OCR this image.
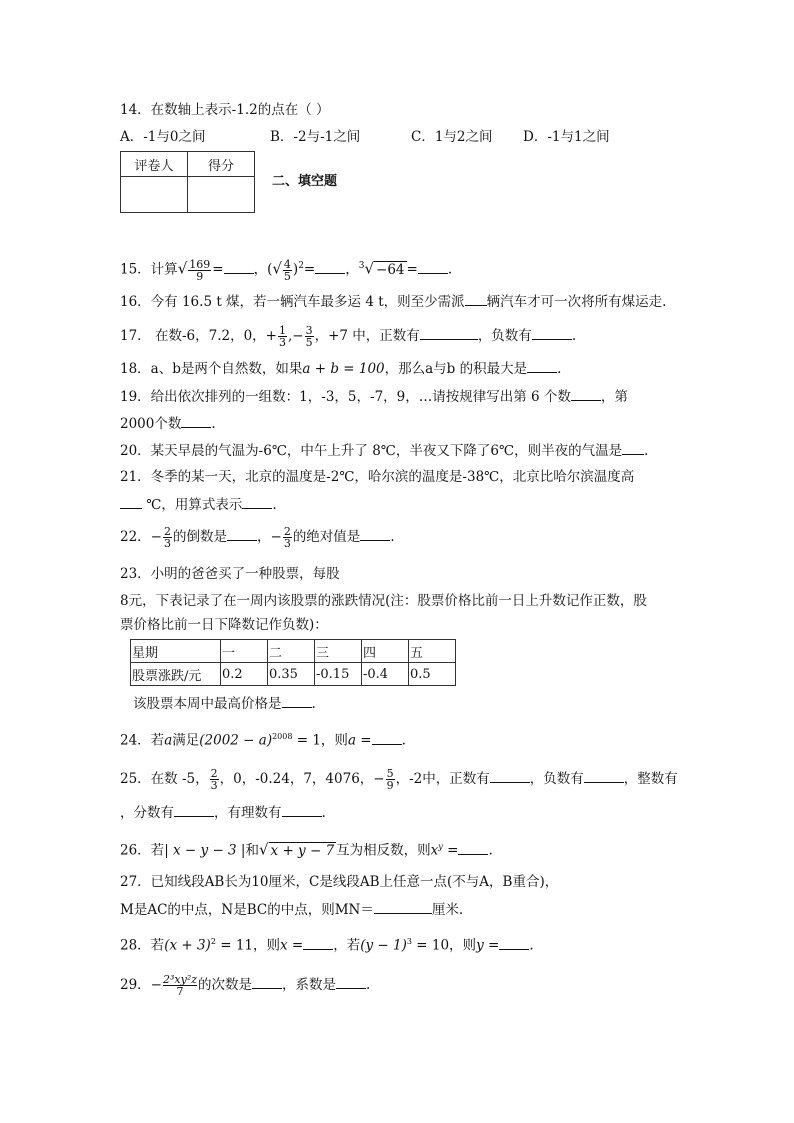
14．在数轴上表示-1.2的点在（ ）
A．-1与0之间	B．-2与-1之间	C．1与2之间 D．-1与1之间
评卷人	得分

二、填空题
15．计算√ $\frac{169}{9}$ = ，(√ $\frac{4}{5} )^2=$ ，$^3$√ −64 = .
16．今有 16.5 t 煤，若一辆汽车最多运 4 t，则至少需派 辆汽车才可一次将所有煤运走.
17． 在数-6，7.2，0，+ $\frac{1}{3}$ ,− $\frac{3}{5}$ ，+7 中，正数有	，负数有	.
18．a、b是两个自然数，如果a + b = 100，那么a与b 的积最大是 .
19．给出依次排列的一组数：1，-3，5，-7，9，…请按规律写出第 6 个数 ，第
2000个数 .
20．某天早晨的气温为-6℃，中午上升了 8℃，半夜又下降了6℃，则半夜的气温是 .
21．冬季的某一天，北京的温度是-2℃，哈尔滨的温度是-38℃，北京比哈尔滨温度高
℃，用算式表示 .
22．− $\frac{2}{3}$ 的倒数是 ，− $\frac{2}{3}$ 的绝对值是 .
23．小明的爸爸买了一种股票，每股
8元，下表记录了在一周内该股票的涨跌情况(注：股票价格比前一日上升数记作正数，股
票价格比前一日下降数记作负数)：
星期	一	二	三	四	五
股票涨跌/元	0.2	0.35	-0.15	-0.4	0.5
该股票本周中最高价格是 .
24．若a满足$(2002 - a)^{2008} = 1$，则a = .
25．在数 -5， $\frac{2}{3}$ ，0，-0.24，7，4076，− $\frac{5}{9}$ ，-2中，正数有	，负数有	，整数有
，分数有	，有理数有	.
26．若| x − y − 3 |和√ x + y − 7 互为相反数，则$x^y$ = .
27．已知线段AB长为10厘米，C是线段AB上任意一点(不与A，B重合)，
M是AC的中点，N是BC的中点，则MN＝	厘米.
28．若$(x + 3)^2 = 11$，则x = ，若$(y - 1)^3 = 10$，则y = .
29．− $\frac{\text{2³xy²z}}{7}$ 的次数是 ，系数是 .
